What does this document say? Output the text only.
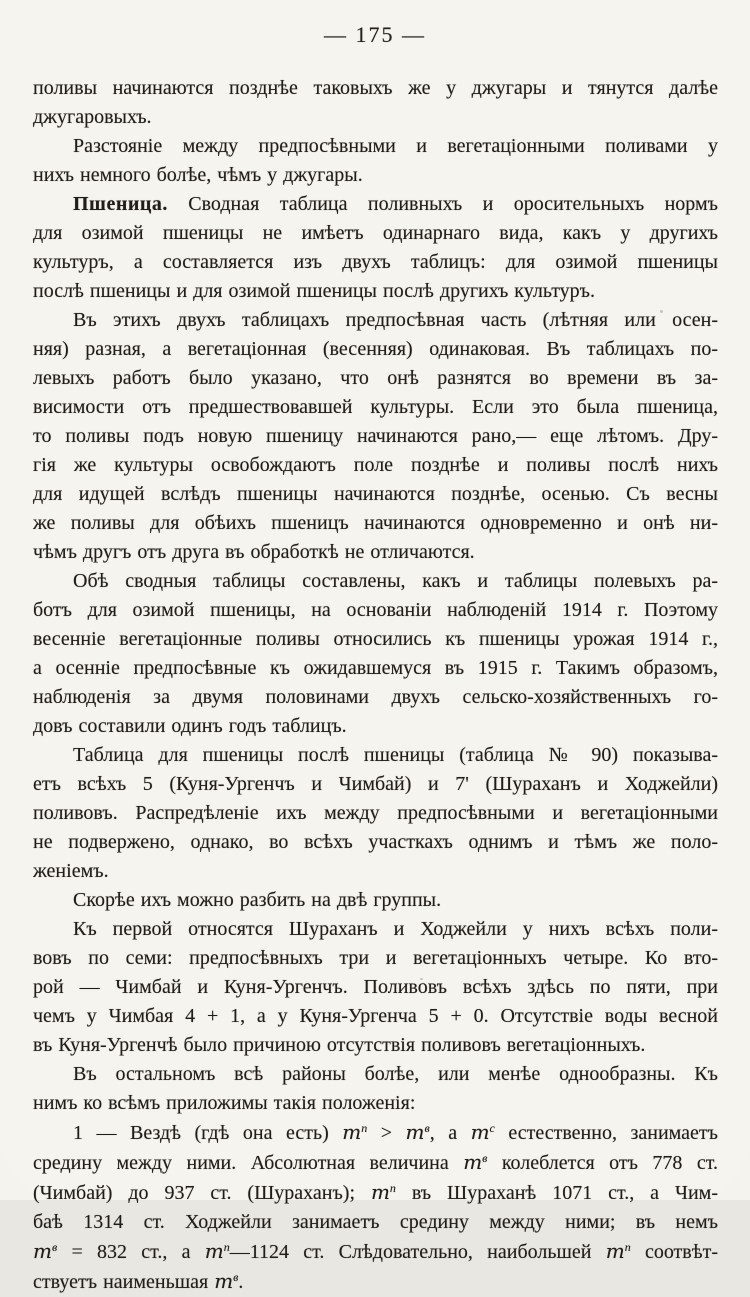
— 175 —
поливы начинаются позднѣе таковыхъ же у джугары и тянутся далѣе
джугаровыхъ.
Разстояніе между предпосѣвными и вегетаціонными поливами у
нихъ немного болѣе, чѣмъ у джугары.
Пшеница. Сводная таблица поливныхъ и оросительныхъ нормъ
для озимой пшеницы не имѣетъ одинарнаго вида, какъ у другихъ
культуръ, а составляется изъ двухъ таблицъ: для озимой пшеницы
послѣ пшеницы и для озимой пшеницы послѣ другихъ культуръ.
Въ этихъ двухъ таблицахъ предпосѣвная часть (лѣтняя или осен-
няя) разная, а вегетаціонная (весенняя) одинаковая. Въ таблицахъ по-
левыхъ работъ было указано, что онѣ разнятся во времени въ за-
висимости отъ предшествовавшей культуры. Если это была пшеница,
то поливы подъ новую пшеницу начинаются рано,— еще лѣтомъ. Дру-
гія же культуры освобождаютъ поле позднѣе и поливы послѣ нихъ
для идущей вслѣдъ пшеницы начинаются позднѣе, осенью. Съ весны
же поливы для обѣихъ пшеницъ начинаются одновременно и онѣ ни-
чѣмъ другъ отъ друга въ обработкѣ не отличаются.
Обѣ сводныя таблицы составлены, какъ и таблицы полевыхъ ра-
ботъ для озимой пшеницы, на основаніи наблюденій 1914 г. Поэтому
весенніе вегетаціонные поливы относились къ пшеницы урожая 1914 г.,
а осенніе предпосѣвные къ ожидавшемуся въ 1915 г. Такимъ образомъ,
наблюденія за двумя половинами двухъ сельско-хозяйственныхъ го-
довъ составили одинъ годъ таблицъ.
Таблица для пшеницы послѣ пшеницы (таблица № 90) показыва-
етъ всѣхъ 5 (Куня-Ургенчъ и Чимбай) и 7' (Шураханъ и Ходжейли)
поливовъ. Распредѣленіе ихъ между предпосѣвными и вегетаціонными
не подвержено, однако, во всѣхъ участкахъ однимъ и тѣмъ же поло-
женіемъ.
Скорѣе ихъ можно разбить на двѣ группы.
Къ первой относятся Шураханъ и Ходжейли у нихъ всѣхъ поли-
вовъ по семи: предпосѣвныхъ три и вегетаціонныхъ четыре. Ко вто-
рой — Чимбай и Куня-Ургенчъ. Поливовъ всѣхъ здѣсь по пяти, при
чемъ у Чимбая 4 + 1, а у Куня-Ургенча 5 + 0. Отсутствіе воды весной
въ Куня-Ургенчѣ было причиною отсутствія поливовъ вегетаціонныхъ.
Въ остальномъ всѣ районы болѣе, или менѣе однообразны. Къ
нимъ ко всѣмъ приложимы такія положенія:
1 — Вездѣ (гдѣ она есть) $m^п > m^в$, а $m^с$ естественно, занимаетъ
средину между ними. Абсолютная величина $m^в$ колеблется отъ 778 ст.
(Чимбай) до 937 ст. (Шураханъ); $m^п$ въ Шураханѣ 1071 ст., а Чим-
баѣ 1314 ст. Ходжейли занимаетъ средину между ними; въ немъ
$m^в = 832$ ст., а $m^п—1124$ ст. Слѣдовательно, наибольшей $m^п$ соотвѣт-
ствуетъ наименьшая $m^в$.
